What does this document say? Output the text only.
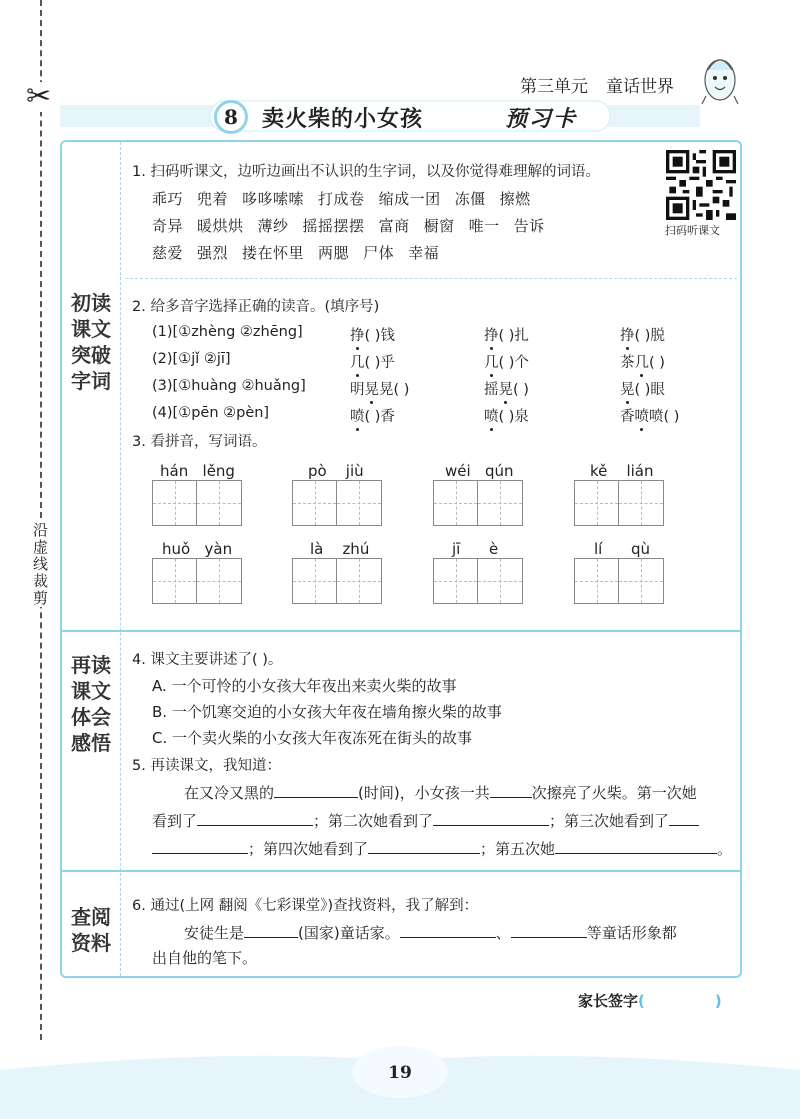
✂
沿虚线裁剪
第三单元 童话世界
8	卖火柴的小女孩	预习卡
初读课文 突破字词
再读课文 体会感悟
查阅资料
1. 扫码听课文，边听边画出不认识的生字词，以及你觉得难理解的词语。
乖巧 兜着 哆哆嗦嗦 打成卷 缩成一团 冻僵 擦燃
奇异 暖烘烘 薄纱 摇摇摆摆 富商 橱窗 唯一 告诉
慈爱 强烈 搂在怀里 两腮 尸体 幸福
扫码听课文
2. 给多音字选择正确的读音。(填序号)
(1)[①zhèng ②zhēng]	挣( )钱	挣( )扎	挣( )脱
(2)[①jǐ ②jī]	几( )乎	几( )个	茶几( )
(3)[①huàng ②huǎng]	明晃晃( )	摇晃( )	晃( )眼
(4)[①pēn ②pèn]	喷( )香	喷( )泉	香喷喷( )
3. 看拼音，写词语。
hán lěng	pò jiù	wéi qún	kě lián
huǒ yàn	là zhú	jī è	lí qù
4. 课文主要讲述了( )。
A. 一个可怜的小女孩大年夜出来卖火柴的故事
B. 一个饥寒交迫的小女孩大年夜在墙角擦火柴的故事
C. 一个卖火柴的小女孩大年夜冻死在街头的故事
5. 再读课文，我知道：
在又冷又黑的	(时间)，小女孩一共	次擦亮了火柴。第一次她
看到了	；第二次她看到了	；第三次她看到了
；第四次她看到了	；第五次她	。
6. 通过(上网 翻阅《七彩课堂》)查找资料，我了解到：
安徒生是	(国家)童话家。	、	等童话形象都
出自他的笔下。
家长签字(	)
19
